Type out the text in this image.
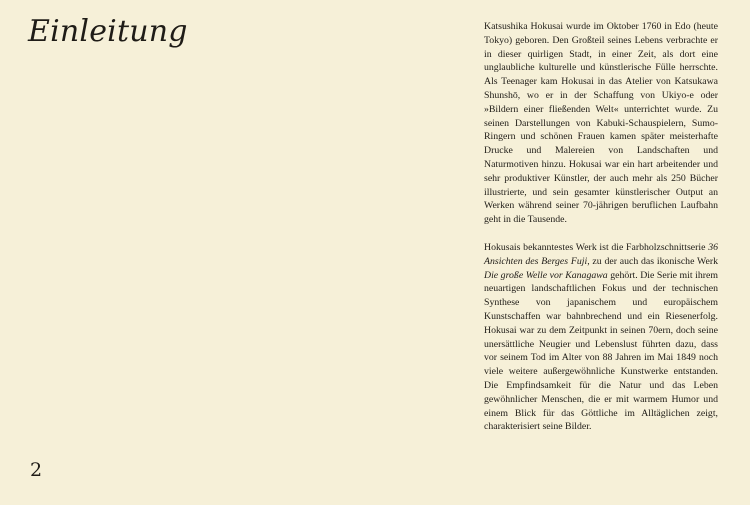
Einleitung	Katsushika Hokusai wurde im Oktober 1760 in Edo (heute Tokyo) geboren. Den Großteil seines Lebens verbrachte er in dieser quirligen Stadt, in einer Zeit, als dort eine unglaubliche kulturelle und künstlerische Fülle herrschte. Als Teenager kam Hokusai in das Atelier von Katsukawa Shunshō, wo er in der Schaffung von Ukiyo-e oder »Bildern einer fließenden Welt« unterrichtet wurde. Zu seinen Darstellungen von Kabuki-Schauspielern, Sumo-Ringern und schönen Frauen kamen später meisterhafte Drucke und Malereien von Landschaften und Naturmotiven hinzu. Hokusai war ein hart arbeitender und sehr produktiver Künstler, der auch mehr als 250 Bücher illustrierte, und sein gesamter künstlerischer Output an Werken während seiner 70-jährigen beruflichen Laufbahn geht in die Tausende.

Hokusais bekanntestes Werk ist die Farbholzschnittserie 36 Ansichten des Berges Fuji, zu der auch das ikonische Werk Die große Welle vor Kanagawa gehört. Die Serie mit ihrem neuartigen landschaftlichen Fokus und der technischen Synthese von japanischem und europäischem Kunstschaffen war bahnbrechend und ein Riesenerfolg. Hokusai war zu dem Zeitpunkt in seinen 70ern, doch seine unersättliche Neugier und Lebenslust führten dazu, dass vor seinem Tod im Alter von 88 Jahren im Mai 1849 noch viele weitere außergewöhnliche Kunstwerke entstanden. Die Empfindsamkeit für die Natur und das Leben gewöhnlicher Menschen, die er mit warmem Humor und einem Blick für das Göttliche im Alltäglichen zeigt, charakterisiert seine Bilder.

2
